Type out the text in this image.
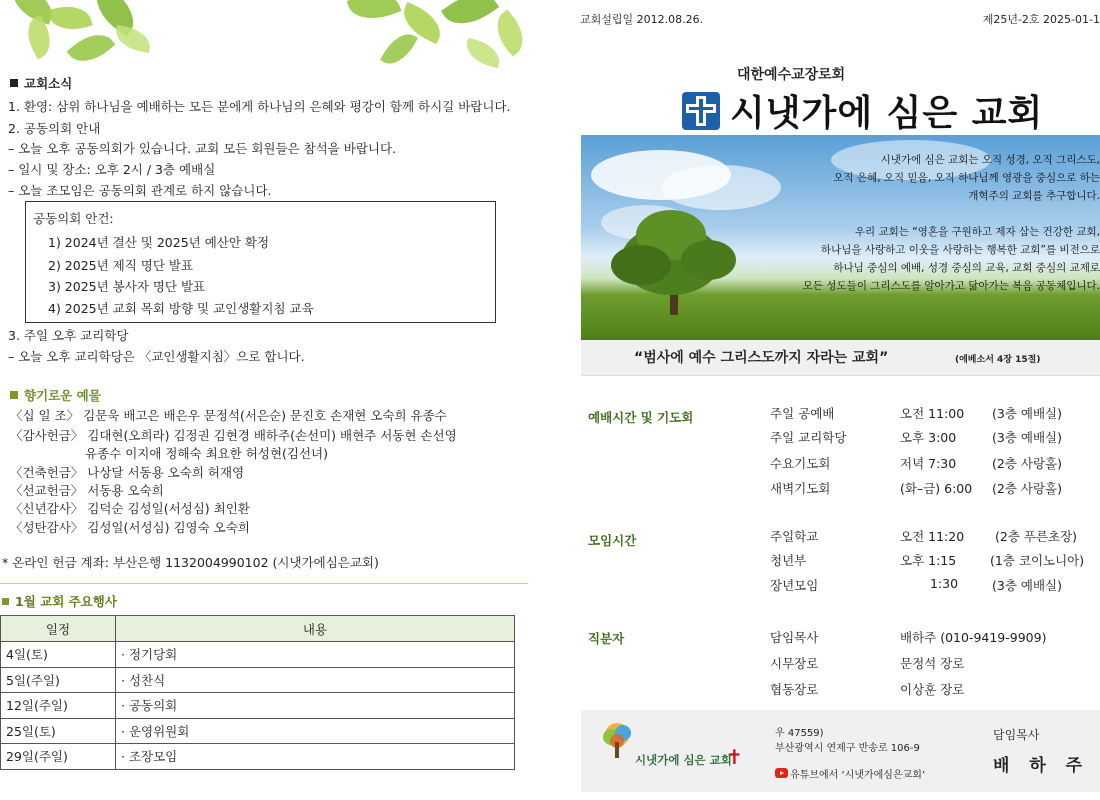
교회소식
1. 환영: 삼위 하나님을 예배하는 모든 분에게 하나님의 은혜와 평강이 함께 하시길 바랍니다.
2. 공동의회 안내
– 오늘 오후 공동의회가 있습니다. 교회 모든 회원들은 참석을 바랍니다.
– 일시 및 장소: 오후 2시 / 3층 예배실
– 오늘 조모임은 공동의회 관계로 하지 않습니다.
공동의회 안건:
1) 2024년 결산 및 2025년 예산안 확정
2) 2025년 제직 명단 발표
3) 2025년 봉사자 명단 발표
4) 2025년 교회 목회 방향 및 교인생활지침 교육
3. 주일 오후 교리학당
– 오늘 오후 교리학당은 〈교인생활지침〉으로 합니다.
향기로운 예물
〈십 일 조〉 김문욱 배고은 배은우 문정석(서은순) 문진호 손재현 오숙희 유종수
〈감사헌금〉 김대현(오희라) 김정권 김현경 배하주(손선미) 배현주 서동현 손선영
유종수 이지애 정해숙 최요한 허성현(김선녀)
〈건축헌금〉 나상달 서동용 오숙희 허재영
〈선교헌금〉 서동용 오숙희
〈신년감사〉 김덕순 김성일(서성심) 최인환
〈성탄감사〉 김성일(서성심) 김영숙 오숙희
* 온라인 헌금 계좌: 부산은행 1132004990102 (시냇가에심은교회)
1월 교회 주요행사
일정	내용
4일(토)	· 정기당회
5일(주일)	· 성찬식
12일(주일)	· 공동의회
25일(토)	· 운영위원회
29일(주일)	· 조장모임
교회설립일 2012.08.26.	제25년-2호 2025-01-1
대한예수교장로회
시냇가에 심은 교회
시냇가에 심은 교회는 오직 성경, 오직 그리스도,
오직 은혜, 오직 믿음, 오직 하나님께 영광을 중심으로 하는
개혁주의 교회를 추구합니다.
우리 교회는 “영혼을 구원하고 제자 삼는 건강한 교회,
하나님을 사랑하고 이웃을 사랑하는 행복한 교회”를 비전으로
하나님 중심의 예배, 성경 중심의 교육, 교회 중심의 교제로
모든 성도들이 그리스도를 알아가고 닮아가는 복음 공동체입니다.
“범사에 예수 그리스도까지 자라는 교회”	(에베소서 4장 15절)
예배시간 및 기도회	주일 공예배	오전 11:00 (3층 예배실)
주일 교리학당	오후 3:00	(3층 예배실)
수요기도회	저녁 7:30	(2층 사랑홀)
새벽기도회	(화–금) 6:00 (2층 사랑홀)
모임시간	주일학교	오전 11:20 (2층 푸른초장)
청년부	오후 1:15	(1층 코이노니아)
장년모임	1:30	(3층 예배실)
직분자	담임목사	배하주 (010-9419-9909)
시무장로	문정석 장로
협동장로	이상훈 장로
시냇가에 심은 교회
✝
우 47559)
부산광역시 연제구 반송로 106-9
유튜브에서 ‘시냇가에심은교회’
담임목사
배 하 주
